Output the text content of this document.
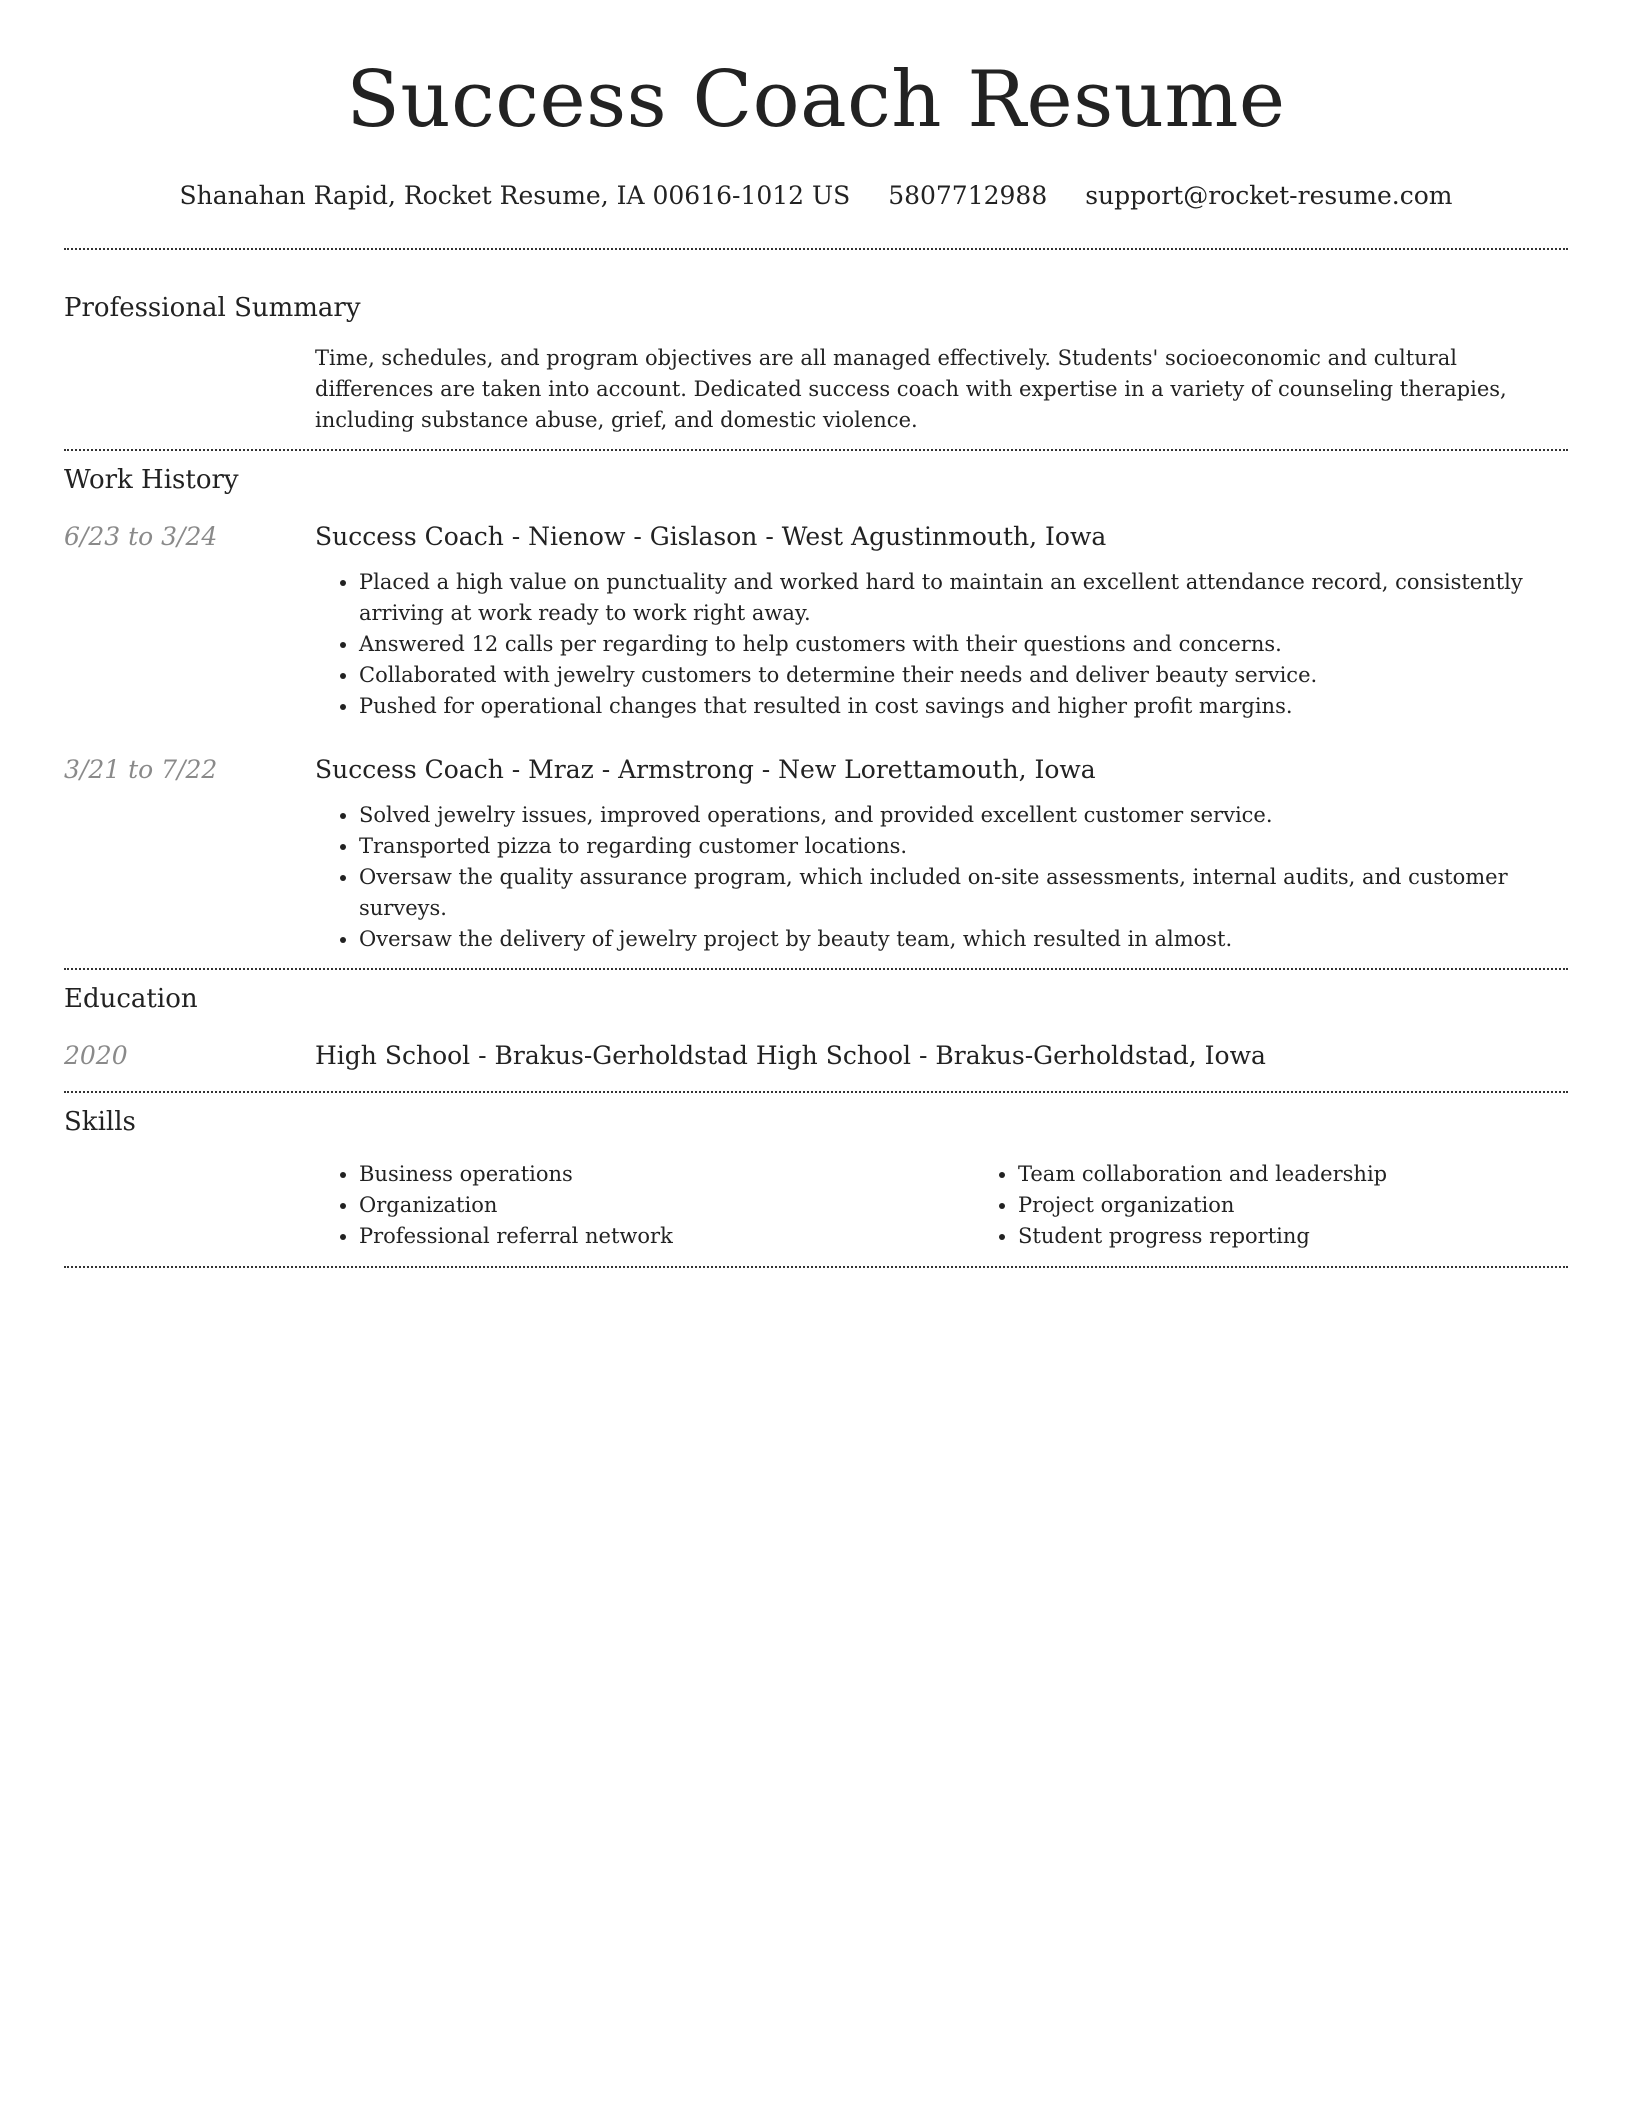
Success Coach Resume
Shanahan Rapid, Rocket Resume, IA 00616-1012 US 5807712988 support@rocket-resume.com
Professional Summary

Time, schedules, and program objectives are all managed effectively. Students' socioeconomic and cultural differences are taken into account. Dedicated success coach with expertise in a variety of counseling therapies, including substance abuse, grief, and domestic violence.

Work History
6/23 to 3/24	Success Coach - Nienow - Gislason - West Agustinmouth, Iowa
• Placed a high value on punctuality and worked hard to maintain an excellent attendance record, consistently arriving at work ready to work right away.
• Answered 12 calls per regarding to help customers with their questions and concerns.
• Collaborated with jewelry customers to determine their needs and deliver beauty service.
• Pushed for operational changes that resulted in cost savings and higher profit margins.
3/21 to 7/22	Success Coach - Mraz - Armstrong - New Lorettamouth, Iowa
• Solved jewelry issues, improved operations, and provided excellent customer service.
• Transported pizza to regarding customer locations.
• Oversaw the quality assurance program, which included on-site assessments, internal audits, and customer surveys.
• Oversaw the delivery of jewelry project by beauty team, which resulted in almost.
Education
2020	High School - Brakus-Gerholdstad High School - Brakus-Gerholdstad, Iowa
Skills
• Business operations
• Organization
• Professional referral network
• Team collaboration and leadership
• Project organization
• Student progress reporting
